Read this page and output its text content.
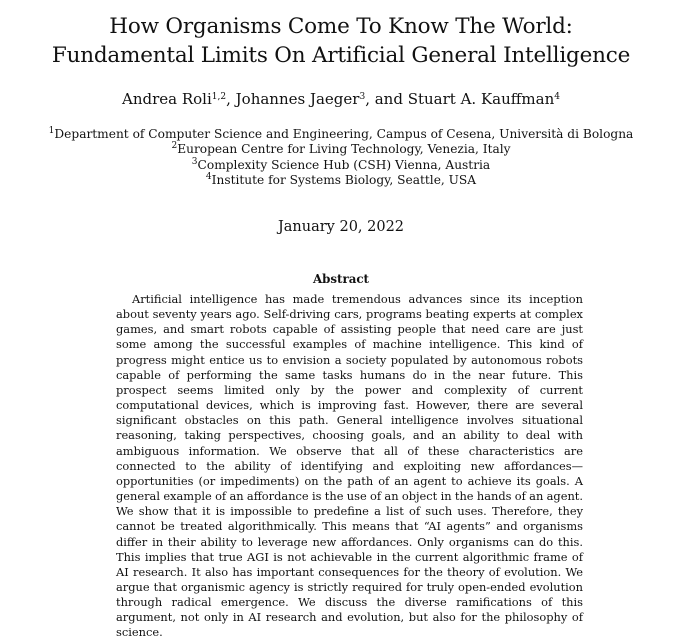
How Organisms Come To Know The World:
Fundamental Limits On Artificial General Intelligence
Andrea Roli$^{1,2}$, Johannes Jaeger$^3$, and Stuart A. Kauffman$^4$
$^1$Department of Computer Science and Engineering, Campus of Cesena, Università di Bologna
$^2$European Centre for Living Technology, Venezia, Italy
$^3$Complexity Science Hub (CSH) Vienna, Austria
$^4$Institute for Systems Biology, Seattle, USA
January 20, 2022
Abstract

Artificial intelligence has made tremendous advances since its inception about seventy years ago. Self-driving cars, programs beating experts at complex games, and smart robots capable of assisting people that need care are just some among the successful examples of machine intelligence. This kind of progress might entice us to envision a society populated by autonomous robots capable of performing the same tasks humans do in the near future. This prospect seems limited only by the power and complexity of current computational devices, which is improving fast. However, there are several significant obstacles on this path. General intelligence involves situational reasoning, taking perspectives, choosing goals, and an ability to deal with ambiguous information. We observe that all of these characteristics are connected to the ability of identifying and exploiting new affordances—opportunities (or impediments) on the path of an agent to achieve its goals. A general example of an affordance is the use of an object in the hands of an agent. We show that it is impossible to predefine a list of such uses. Therefore, they cannot be treated algorithmically. This means that “AI agents” and organisms differ in their ability to leverage new affordances. Only organisms can do this. This implies that true AGI is not achievable in the current algorithmic frame of AI research. It also has important consequences for the theory of evolution. We argue that organismic agency is strictly required for truly open-ended evolution through radical emergence. We discuss the diverse ramifications of this argument, not only in AI research and evolution, but also for the philosophy of science.
